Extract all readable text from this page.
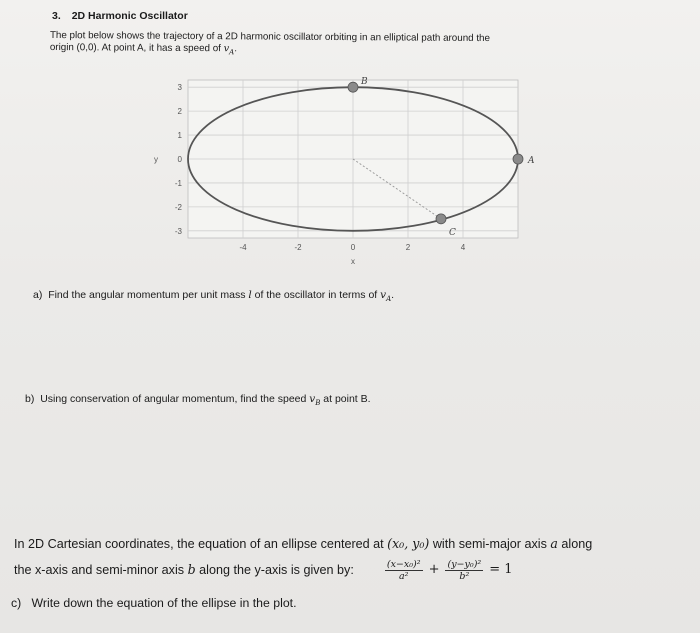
3. 2D Harmonic Oscillator
The plot below shows the trajectory of a 2D harmonic oscillator orbiting in an elliptical path around the
origin (0,0). At point A, it has a speed of $v_A$.
-4	-2	0	2	4
3
2
1
0
-1
-2
-3
x
y	A
B
C
a) Find the angular momentum per unit mass l of the oscillator in terms of $v_A$.
b) Using conservation of angular momentum, find the speed $v_B$ at point B.
In 2D Cartesian coordinates, the equation of an ellipse centered at (x₀, y₀) with semi-major axis a along
the x-axis and semi-minor axis
b
along the y-axis is given by:	$\frac{\text{(x−x₀)²}}{\text{a²}} + \frac{\text{(y−y₀)²}}{\text{b²}} = 1$
c) Write down the equation of the ellipse in the plot.
